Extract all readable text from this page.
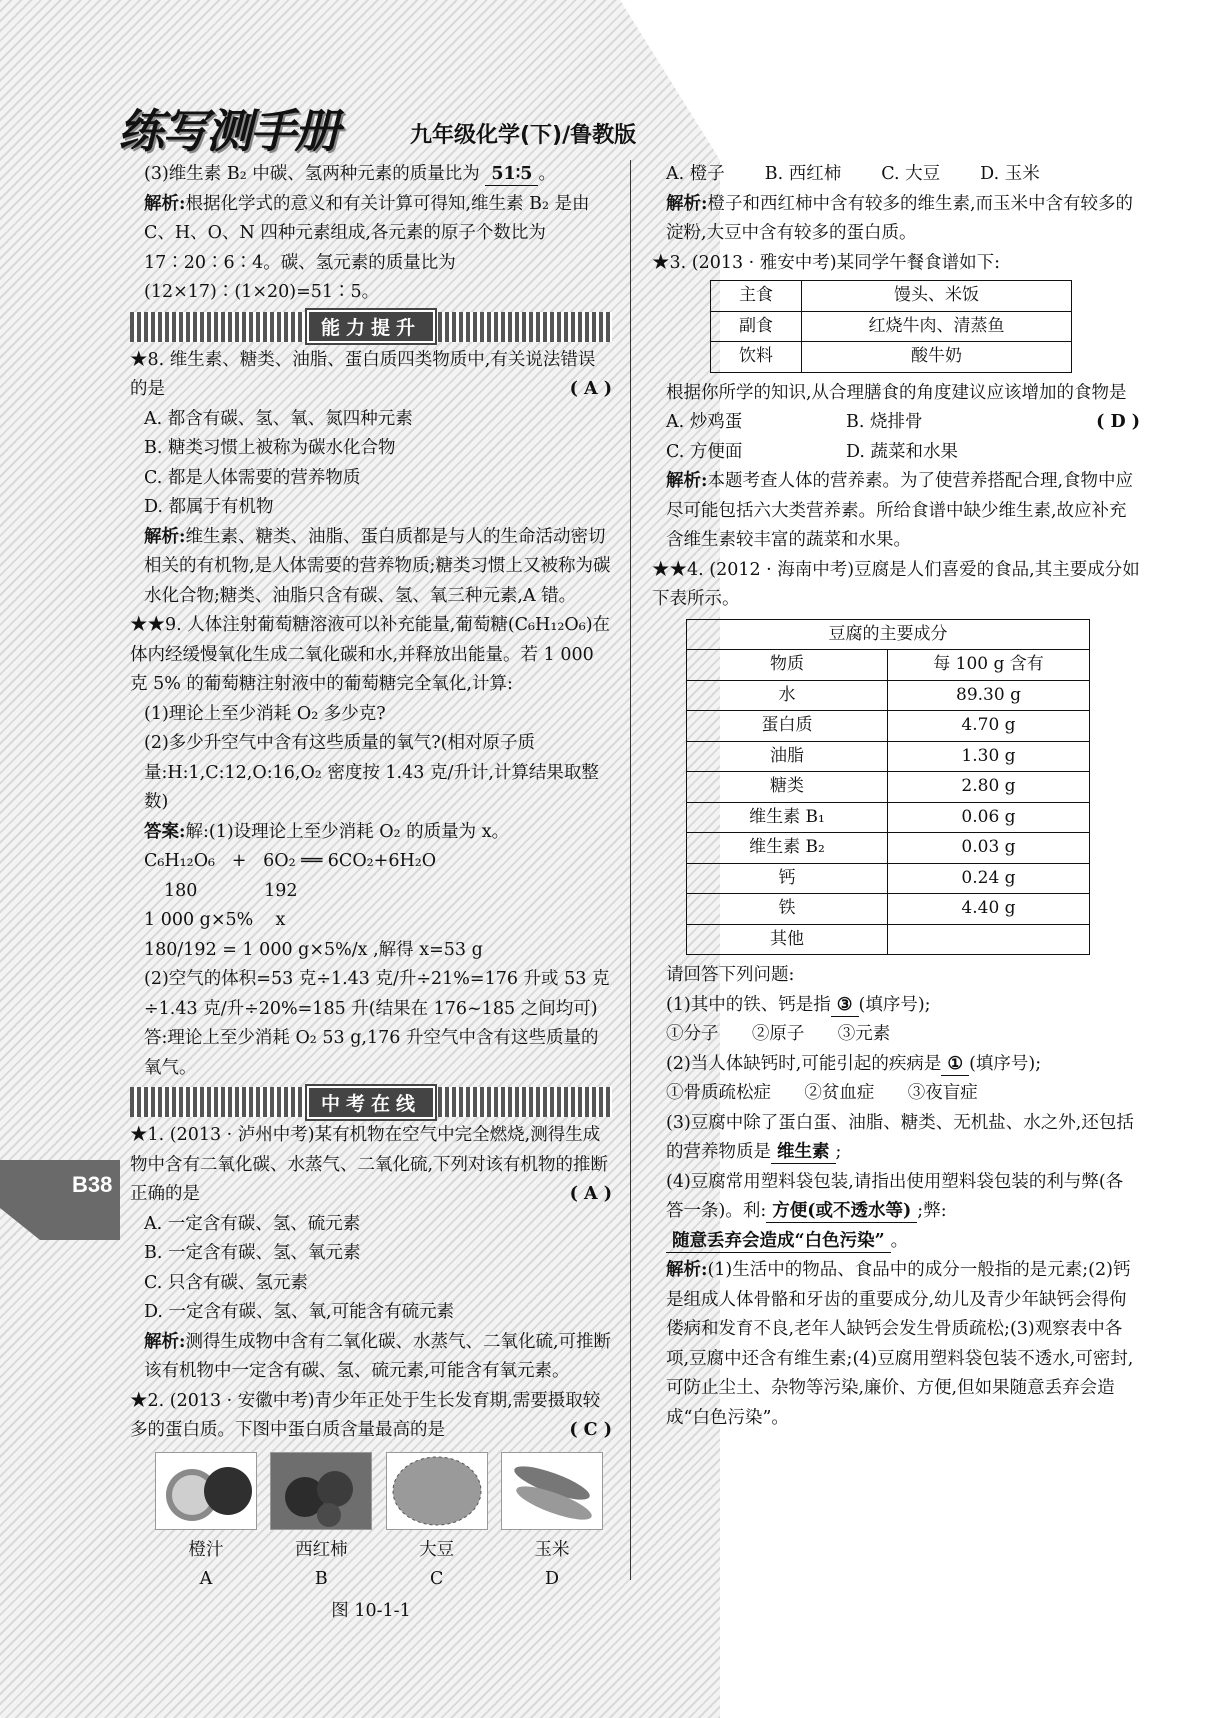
B38
练写测手册	九年级化学(下)/鲁教版

(3)维生素 B₂ 中碳、氢两种元素的质量比为 51∶5 。

解析:根据化学式的意义和有关计算可得知,维生素 B₂ 是由 C、H、O、N 四种元素组成,各元素的原子个数比为 17∶20∶6∶4。碳、氢元素的质量比为(12×17)∶(1×20)=51∶5。

能力提升

★8. 维生素、糖类、油脂、蛋白质四类物质中,有关说法错误的是	( A )

A. 都含有碳、氢、氧、氮四种元素

B. 糖类习惯上被称为碳水化合物

C. 都是人体需要的营养物质

D. 都属于有机物

解析:维生素、糖类、油脂、蛋白质都是与人的生命活动密切相关的有机物,是人体需要的营养物质;糖类习惯上又被称为碳水化合物;糖类、油脂只含有碳、氢、氧三种元素,A 错。

★★9. 人体注射葡萄糖溶液可以补充能量,葡萄糖(C₆H₁₂O₆)在体内经缓慢氧化生成二氧化碳和水,并释放出能量。若 1 000 克 5% 的葡萄糖注射液中的葡萄糖完全氧化,计算:

(1)理论上至少消耗 O₂ 多少克?

(2)多少升空气中含有这些质量的氧气?(相对原子质量:H:1,C:12,O:16,O₂ 密度按 1.43 克/升计,计算结果取整数)

答案:解:(1)设理论上至少消耗 O₂ 的质量为 x。

C₆H₁₂O₆   +   6O₂ ══ 6CO₂+6H₂O

180            192

1 000 g×5%    x

180/192 = 1 000 g×5%/x ,解得 x=53 g

(2)空气的体积=53 克÷1.43 克/升÷21%=176 升或 53 克÷1.43 克/升÷20%=185 升(结果在 176~185 之间均可)

答:理论上至少消耗 O₂ 53 g,176 升空气中含有这些质量的氧气。

中考在线

★1. (2013 · 泸州中考)某有机物在空气中完全燃烧,测得生成物中含有二氧化碳、水蒸气、二氧化硫,下列对该有机物的推断正确的是	( A )

A. 一定含有碳、氢、硫元素

B. 一定含有碳、氢、氧元素

C. 只含有碳、氢元素

D. 一定含有碳、氢、氧,可能含有硫元素

解析:测得生成物中含有二氧化碳、水蒸气、二氧化硫,可推断该有机物中一定含有碳、氢、硫元素,可能含有氧元素。

★2. (2013 · 安徽中考)青少年正处于生长发育期,需要摄取较多的蛋白质。下图中蛋白质含量最高的是	( C )

橙汁
A
西红柿
B
大豆
C
玉米
D
图 10-1-1

A. 橙子 B. 西红柿 C. 大豆 D. 玉米

解析:橙子和西红柿中含有较多的维生素,而玉米中含有较多的淀粉,大豆中含有较多的蛋白质。

★3. (2013 · 雅安中考)某同学午餐食谱如下:

主食	馒头、米饭
副食	红烧牛肉、清蒸鱼
饮料	酸牛奶

根据你所学的知识,从合理膳食的角度建议应该增加的食物是
( D )

A. 炒鸡蛋	B. 烧排骨
C. 方便面	D. 蔬菜和水果

解析:本题考查人体的营养素。为了使营养搭配合理,食物中应尽可能包括六大类营养素。所给食谱中缺少维生素,故应补充含维生素较丰富的蔬菜和水果。

★★4. (2012 · 海南中考)豆腐是人们喜爱的食品,其主要成分如下表所示。

豆腐的主要成分	
物质	每 100 g 含有
水	89.30 g
蛋白质	4.70 g
油脂	1.30 g
糖类	2.80 g
维生素 B₁	0.06 g
维生素 B₂	0.03 g
钙	0.24 g
铁	4.40 g
其他	

请回答下列问题:

(1)其中的铁、钙是指 ③ (填序号);

①分子      ②原子      ③元素

(2)当人体缺钙时,可能引起的疾病是 ① (填序号);

①骨质疏松症      ②贫血症      ③夜盲症

(3)豆腐中除了蛋白蛋、油脂、糖类、无机盐、水之外,还包括的营养物质是 维生素 ;

(4)豆腐常用塑料袋包装,请指出使用塑料袋包装的利与弊(各答一条)。利: 方便(或不透水等) ;弊:随意丢弃会造成“白色污染” 。

解析:(1)生活中的物品、食品中的成分一般指的是元素;(2)钙是组成人体骨骼和牙齿的重要成分,幼儿及青少年缺钙会得佝偻病和发育不良,老年人缺钙会发生骨质疏松;(3)观察表中各项,豆腐中还含有维生素;(4)豆腐用塑料袋包装不透水,可密封,可防止尘土、杂物等污染,廉价、方便,但如果随意丢弃会造成“白色污染”。
